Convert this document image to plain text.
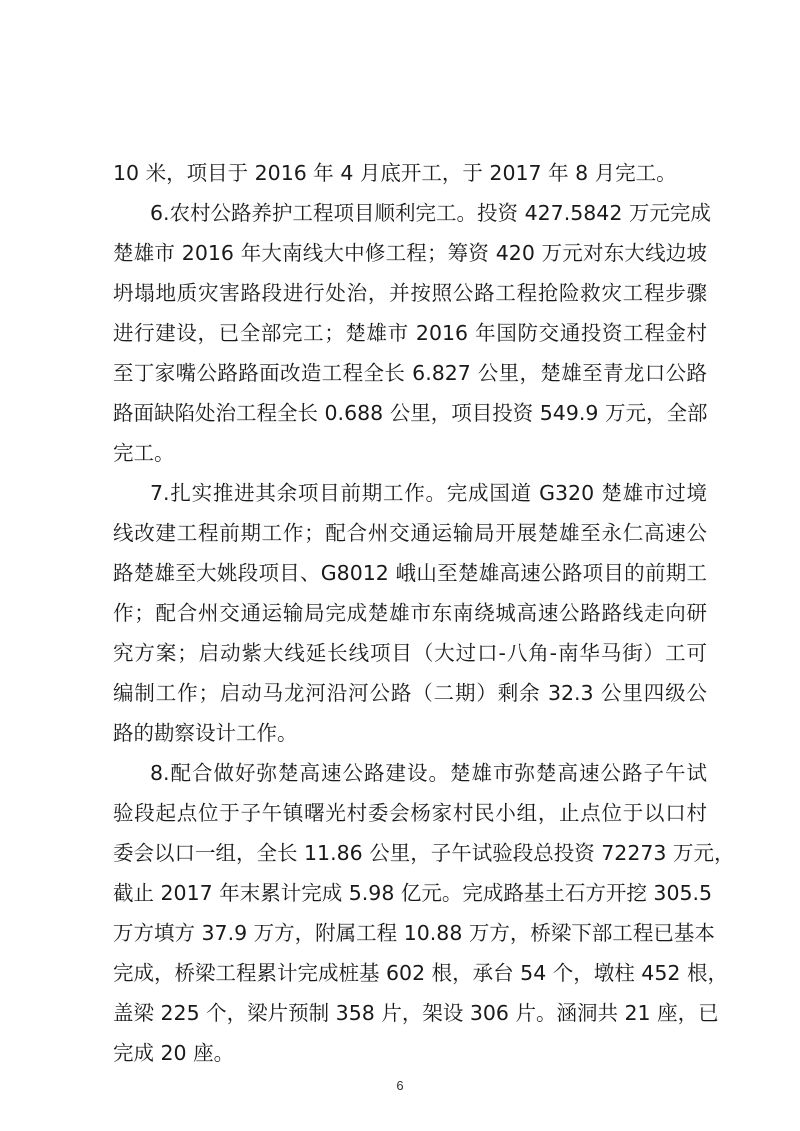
10 米，项目于 2016 年 4 月底开工，于 2017 年 8 月完工。
6.农村公路养护工程项目顺利完工。投资 427.5842 万元完成
楚雄市 2016 年大南线大中修工程；筹资 420 万元对东大线边坡
坍塌地质灾害路段进行处治，并按照公路工程抢险救灾工程步骤
进行建设，已全部完工；楚雄市 2016 年国防交通投资工程金村
至丁家嘴公路路面改造工程全长 6.827 公里，楚雄至青龙口公路
路面缺陷处治工程全长 0.688 公里，项目投资 549.9 万元，全部
完工。
7.扎实推进其余项目前期工作。完成国道 G320 楚雄市过境
线改建工程前期工作；配合州交通运输局开展楚雄至永仁高速公
路楚雄至大姚段项目、G8012 峨山至楚雄高速公路项目的前期工
作；配合州交通运输局完成楚雄市东南绕城高速公路路线走向研
究方案；启动紫大线延长线项目（大过口-八角-南华马街）工可
编制工作；启动马龙河沿河公路（二期）剩余 32.3 公里四级公
路的勘察设计工作。
8.配合做好弥楚高速公路建设。楚雄市弥楚高速公路子午试
验段起点位于子午镇曙光村委会杨家村民小组，止点位于以口村
委会以口一组，全长 11.86 公里，子午试验段总投资 72273 万元，
截止 2017 年末累计完成 5.98 亿元。完成路基土石方开挖 305.5
万方填方 37.9 万方，附属工程 10.88 万方，桥梁下部工程已基本
完成，桥梁工程累计完成桩基 602 根，承台 54 个，墩柱 452 根，
盖梁 225 个，梁片预制 358 片，架设 306 片。涵洞共 21 座，已
完成 20 座。
6
